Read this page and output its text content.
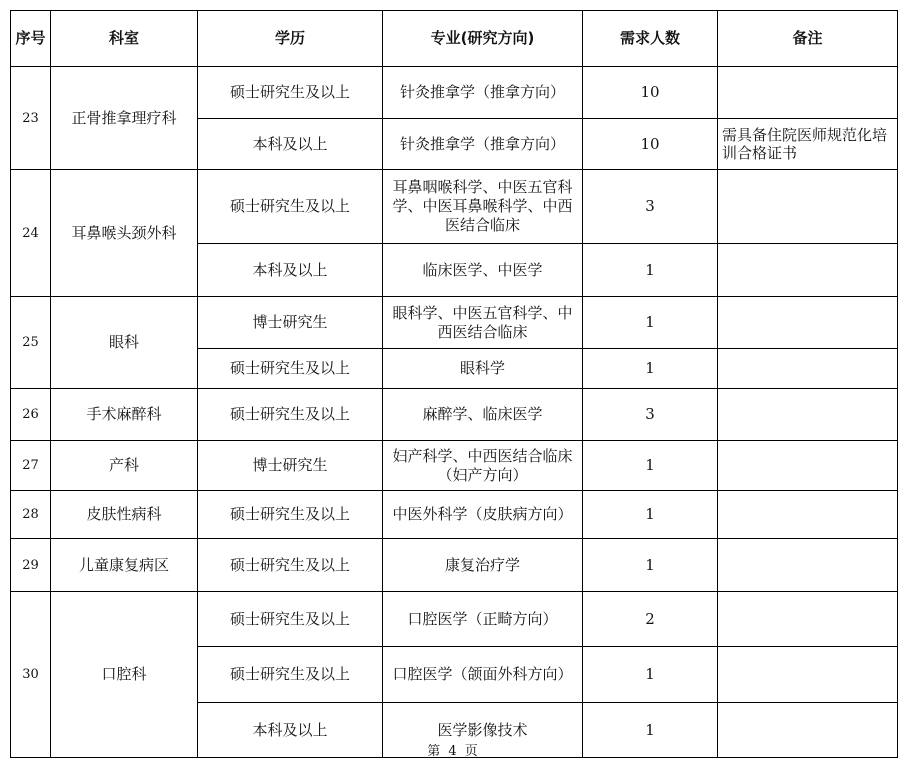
序号	科室	学历	专业(研究方向)	需求人数	备注
23	正骨推拿理疗科	硕士研究生及以上	针灸推拿学（推拿方向）	10	
		本科及以上	针灸推拿学（推拿方向）	10	需具备住院医师规范化培训合格证书
24	耳鼻喉头颈外科	硕士研究生及以上	耳鼻咽喉科学、中医五官科学、中医耳鼻喉科学、中西医结合临床	3	
		本科及以上	临床医学、中医学	1	
25	眼科	博士研究生	眼科学、中医五官科学、中西医结合临床	1	
		硕士研究生及以上	眼科学	1	
26	手术麻醉科	硕士研究生及以上	麻醉学、临床医学	3	
27	产科	博士研究生	妇产科学、中西医结合临床（妇产方向）	1	
28	皮肤性病科	硕士研究生及以上	中医外科学（皮肤病方向）	1	
29	儿童康复病区	硕士研究生及以上	康复治疗学	1	
30	口腔科	硕士研究生及以上	口腔医学（正畸方向）	2	
		硕士研究生及以上	口腔医学（颌面外科方向）	1	
		本科及以上	医学影像技术	1	
第 4 页
